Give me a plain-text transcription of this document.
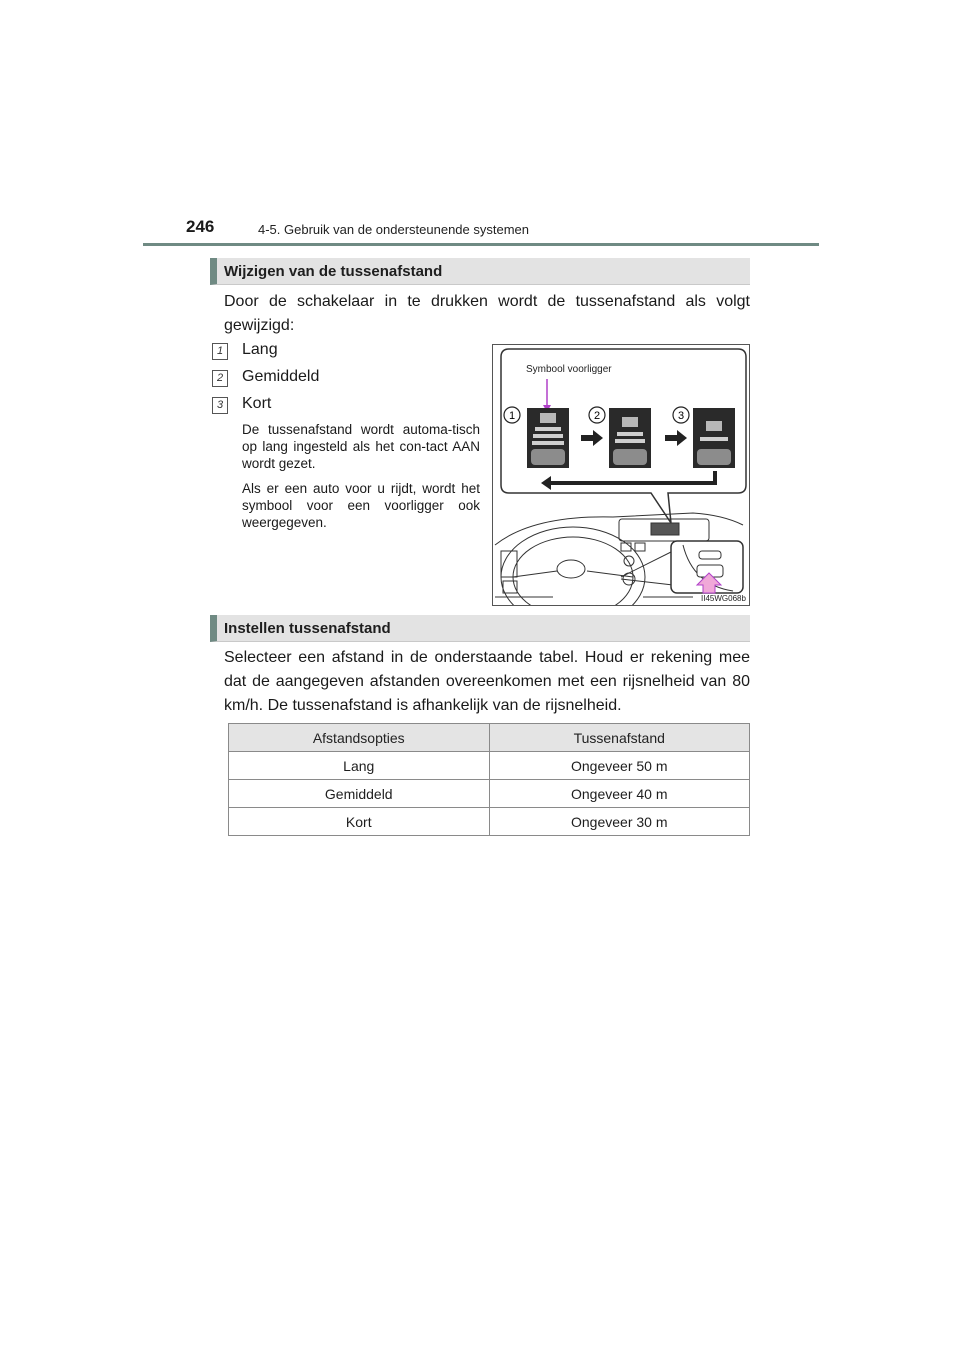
246	4-5. Gebruik van de ondersteunende systemen
Wijzigen van de tussenafstand
Door de schakelaar in te drukken wordt de tussenafstand als volgt gewijzigd:
1	Lang
2	Gemiddeld
3	Kort
De tussenafstand wordt automa-tisch op lang ingesteld als het con-tact AAN wordt gezet.
Als er een auto voor u rijdt, wordt het symbool voor een voorligger ook weergegeven.
1	2	3
Symbool voorligger
II45WG068b
Instellen tussenafstand
Selecteer een afstand in de onderstaande tabel. Houd er rekening mee dat de aangegeven afstanden overeenkomen met een rijsnelheid van 80 km/h. De tussenafstand is afhankelijk van de rijsnelheid.
Afstandsopties	Tussenafstand
Lang	Ongeveer 50 m
Gemiddeld	Ongeveer 40 m
Kort	Ongeveer 30 m
